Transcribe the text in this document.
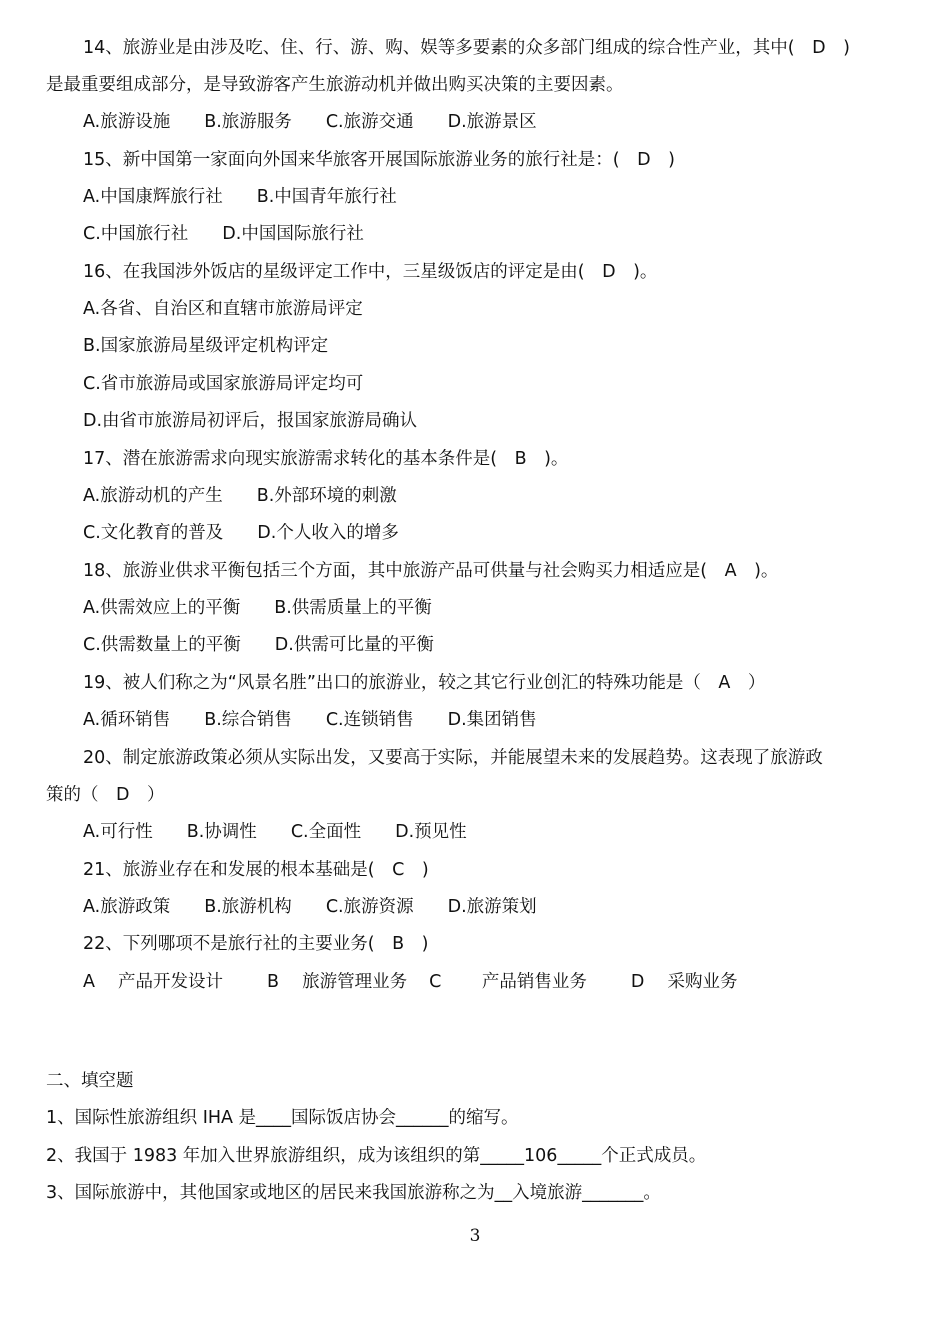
14、旅游业是由涉及吃、住、行、游、购、娱等多要素的众多部门组成的综合性产业，其中(　D　)
是最重要组成部分，是导致游客产生旅游动机并做出购买决策的主要因素。
A.旅游设施 B.旅游服务 C.旅游交通 D.旅游景区
15、新中国第一家面向外国来华旅客开展国际旅游业务的旅行社是：(　D　)
A.中国康辉旅行社 B.中国青年旅行社
C.中国旅行社 D.中国国际旅行社
16、在我国涉外饭店的星级评定工作中，三星级饭店的评定是由(　D　)。
A.各省、自治区和直辖市旅游局评定
B.国家旅游局星级评定机构评定
C.省市旅游局或国家旅游局评定均可
D.由省市旅游局初评后，报国家旅游局确认
17、潜在旅游需求向现实旅游需求转化的基本条件是(　B　)。
A.旅游动机的产生 B.外部环境的刺激
C.文化教育的普及 D.个人收入的增多
18、旅游业供求平衡包括三个方面，其中旅游产品可供量与社会购买力相适应是(　A　)。
A.供需效应上的平衡 B.供需质量上的平衡
C.供需数量上的平衡 D.供需可比量的平衡
19、被人们称之为“风景名胜”出口的旅游业，较之其它行业创汇的特殊功能是（　A　）
A.循环销售 B.综合销售 C.连锁销售 D.集团销售
20、制定旅游政策必须从实际出发，又要高于实际，并能展望未来的发展趋势。这表现了旅游政
策的（　D　）
A.可行性 B.协调性 C.全面性 D.预见性
21、旅游业存在和发展的根本基础是(　C　)
A.旅游政策 B.旅游机构 C.旅游资源 D.旅游策划
22、下列哪项不是旅行社的主要业务(　B　)
A　 产品开发设计	B　 旅游管理业务 C　　 产品销售业务	D　 采购业务
二、填空题
1、国际性旅游组织 IHA 是____国际饭店协会______的缩写。
2、我国于 1983 年加入世界旅游组织，成为该组织的第_____106_____个正式成员。
3、国际旅游中，其他国家或地区的居民来我国旅游称之为__入境旅游_______。
3
